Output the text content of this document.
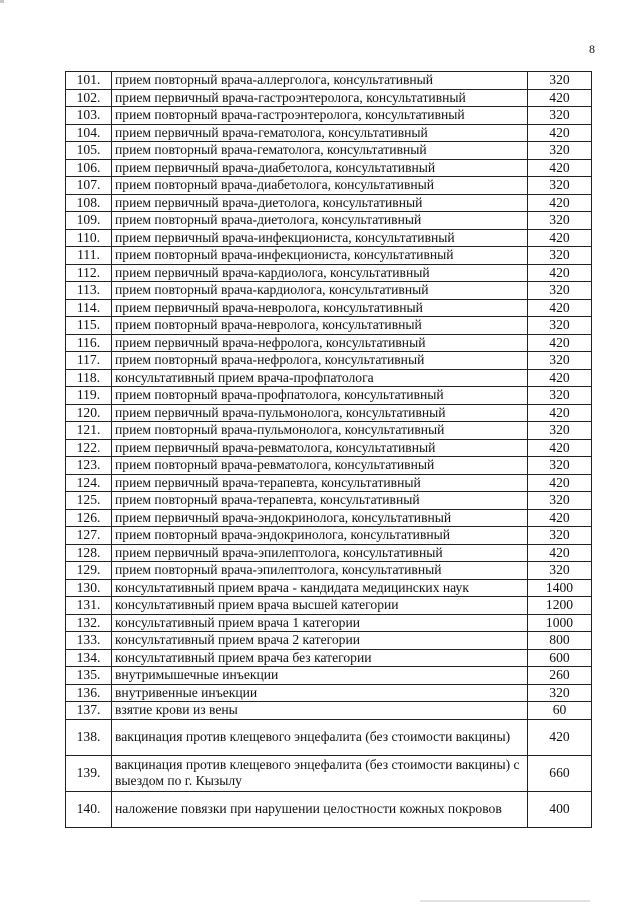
8
101.	прием повторный врача-аллерголога, консультативный	320
102.	прием первичный врача-гастроэнтеролога, консультативный	420
103.	прием повторный врача-гастроэнтеролога, консультативный	320
104.	прием первичный врача-гематолога, консультативный	420
105.	прием повторный врача-гематолога, консультативный	320
106.	прием первичный врача-диабетолога, консультативный	420
107.	прием повторный врача-диабетолога, консультативный	320
108.	прием первичный врача-диетолога, консультативный	420
109.	прием повторный врача-диетолога, консультативный	320
110.	прием первичный врача-инфекциониста, консультативный	420
111.	прием повторный врача-инфекциониста, консультативный	320
112.	прием первичный врача-кардиолога, консультативный	420
113.	прием повторный врача-кардиолога, консультативный	320
114.	прием первичный врача-невролога, консультативный	420
115.	прием повторный врача-невролога, консультативный	320
116.	прием первичный врача-нефролога, консультативный	420
117.	прием повторный врача-нефролога, консультативный	320
118.	консультативный прием врача-профпатолога	420
119.	прием повторный врача-профпатолога, консультативный	320
120.	прием первичный врача-пульмонолога, консультативный	420
121.	прием повторный врача-пульмонолога, консультативный	320
122.	прием первичный врача-ревматолога, консультативный	420
123.	прием повторный врача-ревматолога, консультативный	320
124.	прием первичный врача-терапевта, консультативный	420
125.	прием повторный врача-терапевта, консультативный	320
126.	прием первичный врача-эндокринолога, консультативный	420
127.	прием повторный врача-эндокринолога, консультативный	320
128.	прием первичный врача-эпилептолога, консультативный	420
129.	прием повторный врача-эпилептолога, консультативный	320
130.	консультативный прием врача - кандидата медицинских наук	1400
131.	консультативный прием врача высшей категории	1200
132.	консультативный прием врача 1 категории	1000
133.	консультативный прием врача 2 категории	800
134.	консультативный прием врача без категории	600
135.	внутримышечные инъекции	260
136.	внутривенные инъекции	320
137.	взятие крови из вены	60
138.	вакцинация против клещевого энцефалита (без стоимости вакцины)	420
139.	вакцинация против клещевого энцефалита (без стоимости вакцины) с выездом по г. Кызылу	660
140.	наложение повязки при нарушении целостности кожных покровов	400
